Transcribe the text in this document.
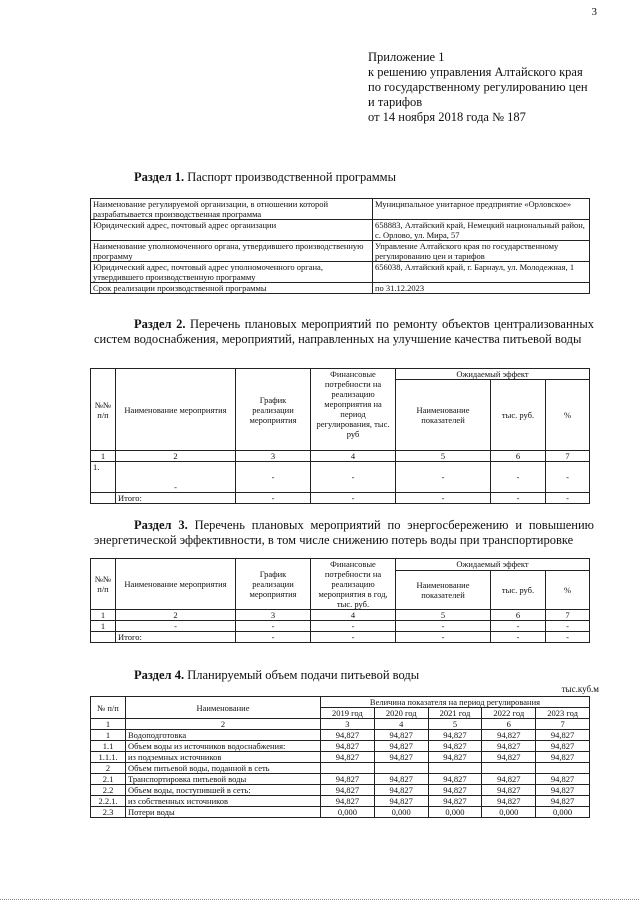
3
Приложение 1
к решению управления Алтайского края
по государственному регулированию цен
и тарифов
от 14 ноября 2018 года № 187
Раздел 1. Паспорт производственной программы
Наименование регулируемой организации, в отношении которой разрабатывается производственная программа	Муниципальное унитарное предприятие «Орловское»
Юридический адрес, почтовый адрес организации	658883, Алтайский край, Немецкий национальный район, с. Орлово, ул. Мира, 57
Наименование уполномоченного органа, утвердившего производственную программу	Управление Алтайского края по государственному регулированию цен и тарифов
Юридический адрес, почтовый адрес уполномоченного органа, утвердившего производственную программу	656038, Алтайский край, г. Барнаул, ул. Молодежная, 1
Срок реализации производственной программы	по 31.12.2023
Раздел 2. Перечень плановых мероприятий по ремонту объектов централизованных систем водоснабжения, мероприятий, направленных на улучшение качества питьевой воды
№№ п/п	Наименование мероприятия	График реализации мероприятия	Финансовые потребности на реализацию мероприятия на период регулирования, тыс. руб	Ожидаемый эффект		
				Наименование показателей	тыс. руб.	%
1	2	3	4	5	6	7
1.	-	-	-	-	-	-
	Итого:	-	-	-	-	-
Раздел 3. Перечень плановых мероприятий по энергосбережению и повышению энергетической эффективности, в том числе снижению потерь воды при транспортировке
№№ п/п	Наименование мероприятия	График реализации мероприятия	Финансовые потребности на реализацию мероприятия в год, тыс. руб.	Ожидаемый эффект		
				Наименование показателей	тыс. руб.	%
1	2	3	4	5	6	7
1	-	-	-	-	-	-
	Итого:	-	-	-	-	-
Раздел 4. Планируемый объем подачи питьевой воды
тыс.куб.м
№ п/п	Наименование	Величина показателя на период регулирования				
		2019 год	2020 год	2021 год	2022 год	2023 год
1	2	3	4	5	6	7
1	Водоподготовка	94,827	94,827	94,827	94,827	94,827
1.1	Объем воды из источников водоснабжения:	94,827	94,827	94,827	94,827	94,827
1.1.1.	из подземных источников	94,827	94,827	94,827	94,827	94,827
2	Объем питьевой воды, поданной в сеть					
2.1	Транспортировка питьевой воды	94,827	94,827	94,827	94,827	94,827
2.2	Объем воды, поступившей в сеть:	94,827	94,827	94,827	94,827	94,827
2.2.1.	из собственных источников	94,827	94,827	94,827	94,827	94,827
2.3	Потери воды	0,000	0,000	0,000	0,000	0,000
